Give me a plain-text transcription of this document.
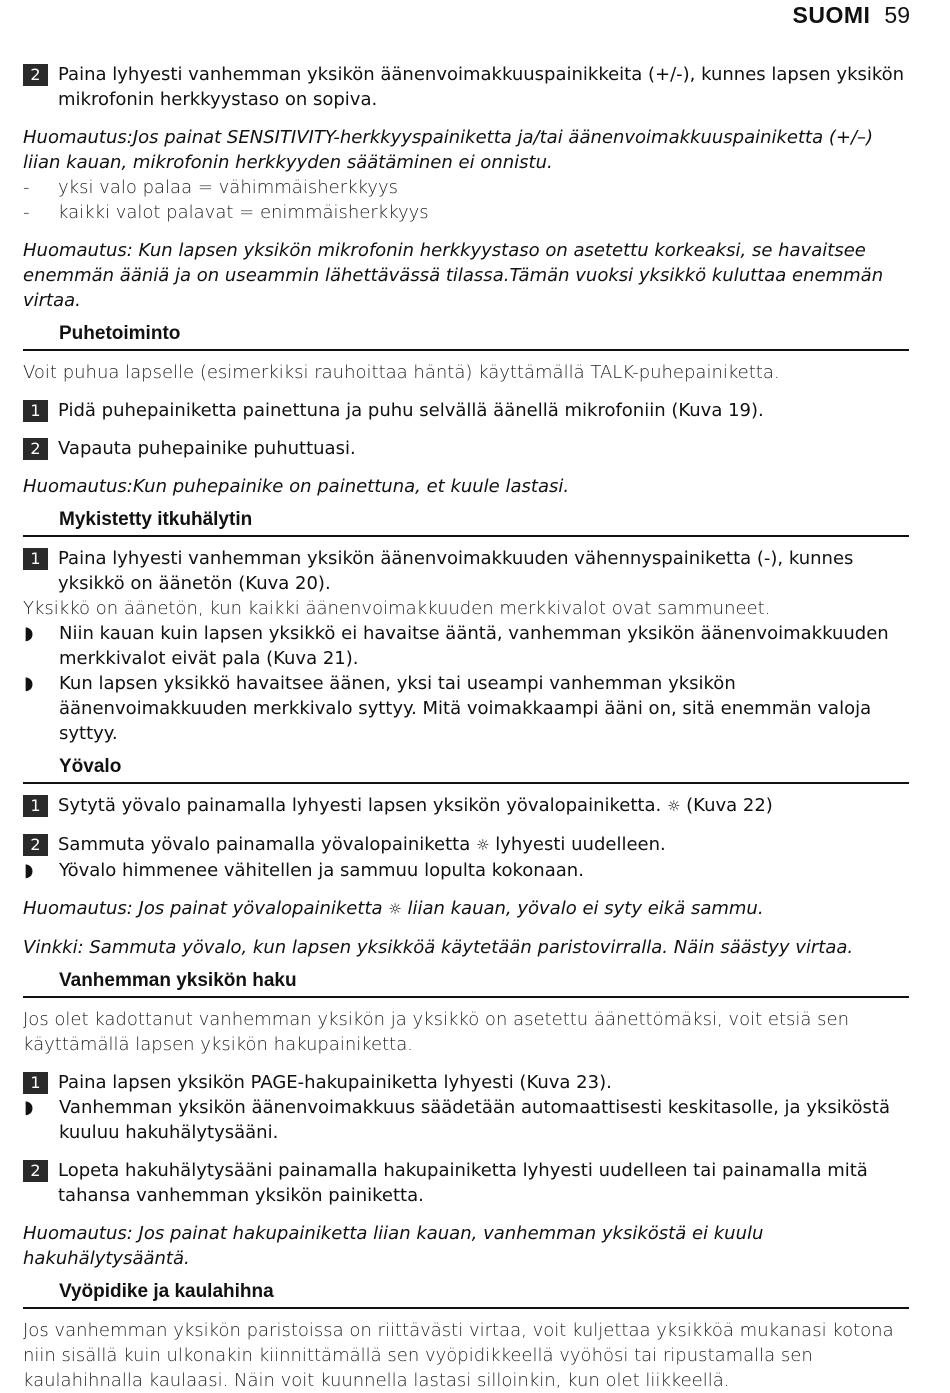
SUOMI 59
2 Paina lyhyesti vanhemman yksikön äänenvoimakkuuspainikkeita (+/-), kunnes lapsen yksikön mikrofonin herkkyystaso on sopiva.

Huomautus:Jos painat SENSITIVITY-herkkyyspainiketta ja/tai äänenvoimakkuuspainiketta (+/–) liian kauan, mikrofonin herkkyyden säätäminen ei onnistu.

-	yksi valo palaa = vähimmäisherkkyys
-	kaikki valot palavat = enimmäisherkkyys

Huomautus: Kun lapsen yksikön mikrofonin herkkyystaso on asetettu korkeaksi, se havaitsee enemmän ääniä ja on useammin lähettävässä tilassa.Tämän vuoksi yksikkö kuluttaa enemmän virtaa.

Puhetoiminto

Voit puhua lapselle (esimerkiksi rauhoittaa häntä) käyttämällä TALK-puhepainiketta.

1 Pidä puhepainiketta painettuna ja puhu selvällä äänellä mikrofoniin (Kuva 19).
2 Vapauta puhepainike puhuttuasi.

Huomautus:Kun puhepainike on painettuna, et kuule lastasi.

Mykistetty itkuhälytin
1 Paina lyhyesti vanhemman yksikön äänenvoimakkuuden vähennyspainiketta (-), kunnes yksikkö on äänetön (Kuva 20).

Yksikkö on äänetön, kun kaikki äänenvoimakkuuden merkkivalot ovat sammuneet.

◗	Niin kauan kuin lapsen yksikkö ei havaitse ääntä, vanhemman yksikön äänenvoimakkuuden merkkivalot eivät pala (Kuva 21).
◗	Kun lapsen yksikkö havaitsee äänen, yksi tai useampi vanhemman yksikön äänenvoimakkuuden merkkivalo syttyy. Mitä voimakkaampi ääni on, sitä enemmän valoja syttyy.
Yövalo
1 Sytytä yövalo painamalla lyhyesti lapsen yksikön yövalopainiketta. ☼ (Kuva 22)
2 Sammuta yövalo painamalla yövalopainiketta ☼ lyhyesti uudelleen.
◗	Yövalo himmenee vähitellen ja sammuu lopulta kokonaan.

Huomautus: Jos painat yövalopainiketta ☼ liian kauan, yövalo ei syty eikä sammu.

Vinkki: Sammuta yövalo, kun lapsen yksikköä käytetään paristovirralla. Näin säästyy virtaa.

Vanhemman yksikön haku

Jos olet kadottanut vanhemman yksikön ja yksikkö on asetettu äänettömäksi, voit etsiä sen käyttämällä lapsen yksikön hakupainiketta.

1 Paina lapsen yksikön PAGE-hakupainiketta lyhyesti (Kuva 23).
◗	Vanhemman yksikön äänenvoimakkuus säädetään automaattisesti keskitasolle, ja yksiköstä kuuluu hakuhälytysääni.
2 Lopeta hakuhälytysääni painamalla hakupainiketta lyhyesti uudelleen tai painamalla mitä tahansa vanhemman yksikön painiketta.

Huomautus: Jos painat hakupainiketta liian kauan, vanhemman yksiköstä ei kuulu hakuhälytysääntä.

Vyöpidike ja kaulahihna

Jos vanhemman yksikön paristoissa on riittävästi virtaa, voit kuljettaa yksikköä mukanasi kotona niin sisällä kuin ulkonakin kiinnittämällä sen vyöpidikkeellä vyöhösi tai ripustamalla sen kaulahihnalla kaulaasi. Näin voit kuunnella lastasi silloinkin, kun olet liikkeellä.
